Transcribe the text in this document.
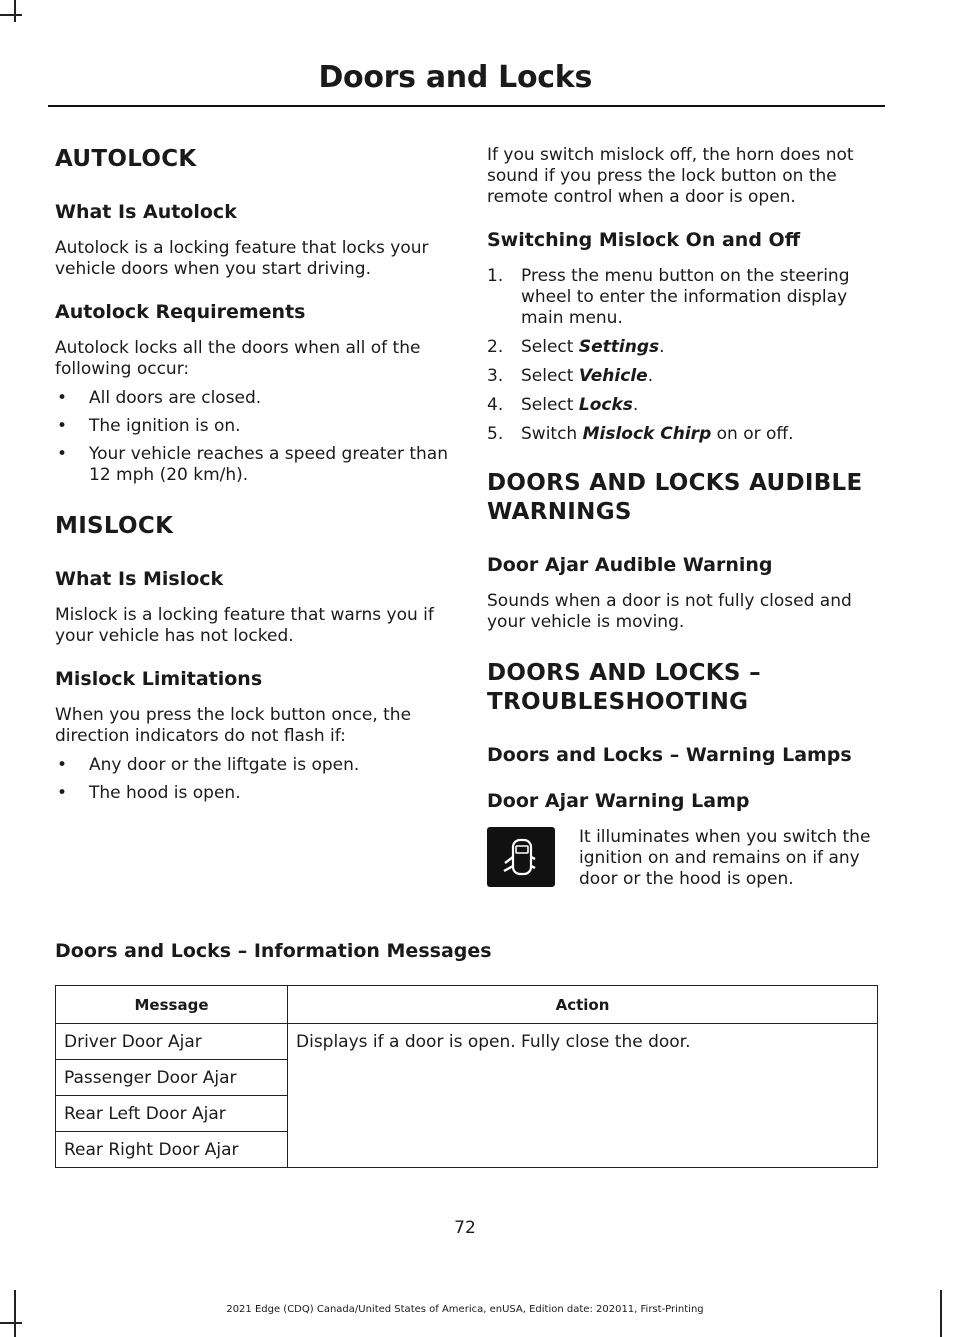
Doors and Locks
AUTOLOCK
What Is Autolock

Autolock is a locking feature that locks your vehicle doors when you start driving.

Autolock Requirements

Autolock locks all the doors when all of the following occur:

• All doors are closed.
• The ignition is on.
• Your vehicle reaches a speed greater than 12 mph (20 km/h).
MISLOCK
What Is Mislock

Mislock is a locking feature that warns you if your vehicle has not locked.

Mislock Limitations

When you press the lock button once, the direction indicators do not flash if:

• Any door or the liftgate is open.
• The hood is open.

If you switch mislock off, the horn does not sound if you press the lock button on the remote control when a door is open.

Switching Mislock On and Off
1. Press the menu button on the steering wheel to enter the information display main menu.
2. Select Settings.
3. Select Vehicle.
4. Select Locks.
5. Switch Mislock Chirp on or off.
DOORS AND LOCKS AUDIBLE
WARNINGS
Door Ajar Audible Warning

Sounds when a door is not fully closed and your vehicle is moving.

DOORS AND LOCKS –
TROUBLESHOOTING
Doors and Locks – Warning Lamps
Door Ajar Warning Lamp
It illuminates when you switch the ignition on and remains on if any door or the hood is open.
Doors and Locks – Information Messages
Message	Action
Driver Door Ajar	Displays if a door is open. Fully close the door.
Passenger Door Ajar	
Rear Left Door Ajar	
Rear Right Door Ajar	
72
2021 Edge (CDQ) Canada/United States of America, enUSA, Edition date: 202011, First-Printing
